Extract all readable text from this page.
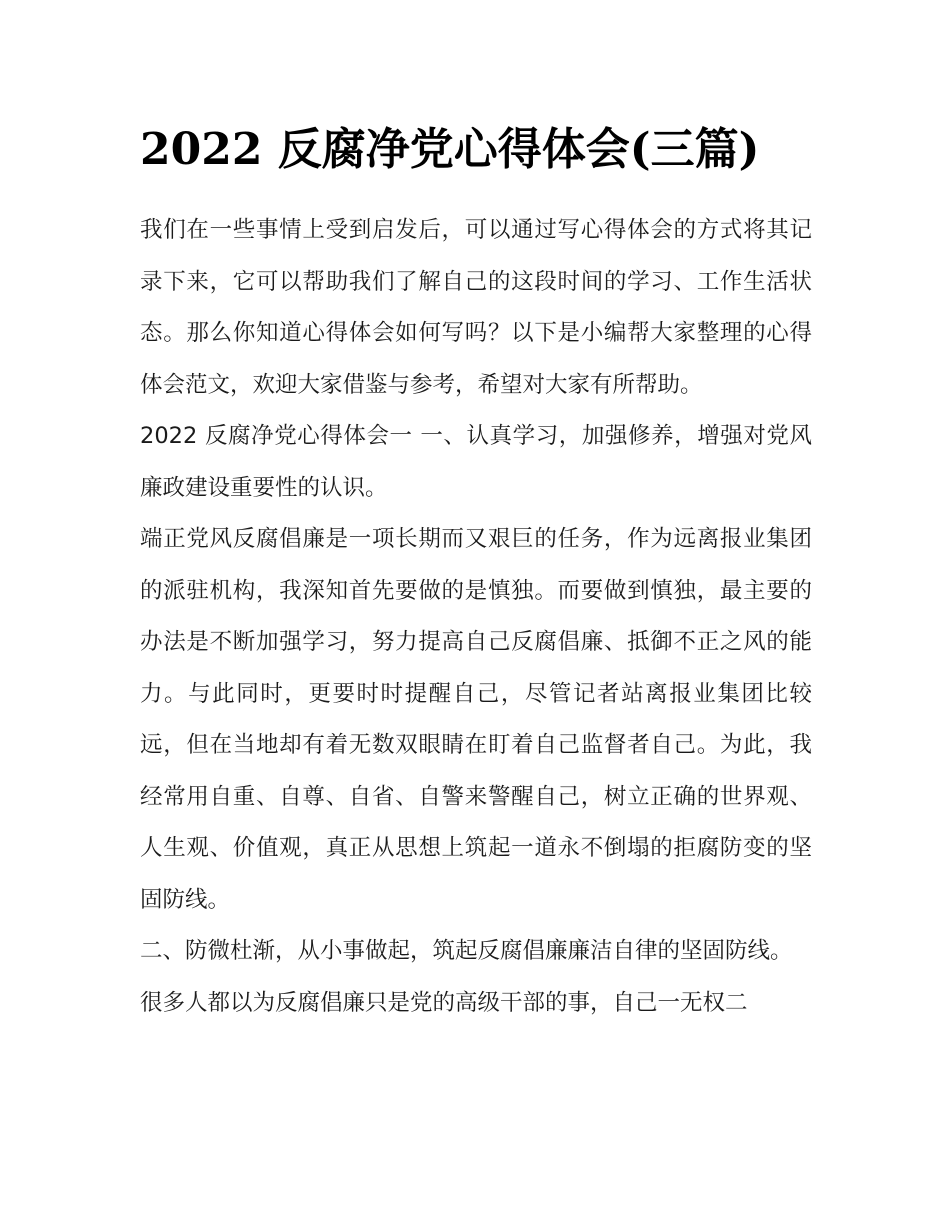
2022 反腐净党心得体会(三篇)

我们在一些事情上受到启发后，可以通过写心得体会的方式将其记录下来，它可以帮助我们了解自己的这段时间的学习、工作生活状态。那么你知道心得体会如何写吗？以下是小编帮大家整理的心得体会范文，欢迎大家借鉴与参考，希望对大家有所帮助。

2022 反腐净党心得体会一 一、认真学习，加强修养，增强对党风廉政建设重要性的认识。

端正党风反腐倡廉是一项长期而又艰巨的任务，作为远离报业集团的派驻机构，我深知首先要做的是慎独。而要做到慎独，最主要的办法是不断加强学习，努力提高自己反腐倡廉、抵御不正之风的能力。与此同时，更要时时提醒自己，尽管记者站离报业集团比较远，但在当地却有着无数双眼睛在盯着自己监督者自己。为此，我经常用自重、自尊、自省、自警来警醒自己，树立正确的世界观、人生观、价值观，真正从思想上筑起一道永不倒塌的拒腐防变的坚固防线。

二、防微杜渐，从小事做起，筑起反腐倡廉廉洁自律的坚固防线。

很多人都以为反腐倡廉只是党的高级干部的事，自己一无权二
